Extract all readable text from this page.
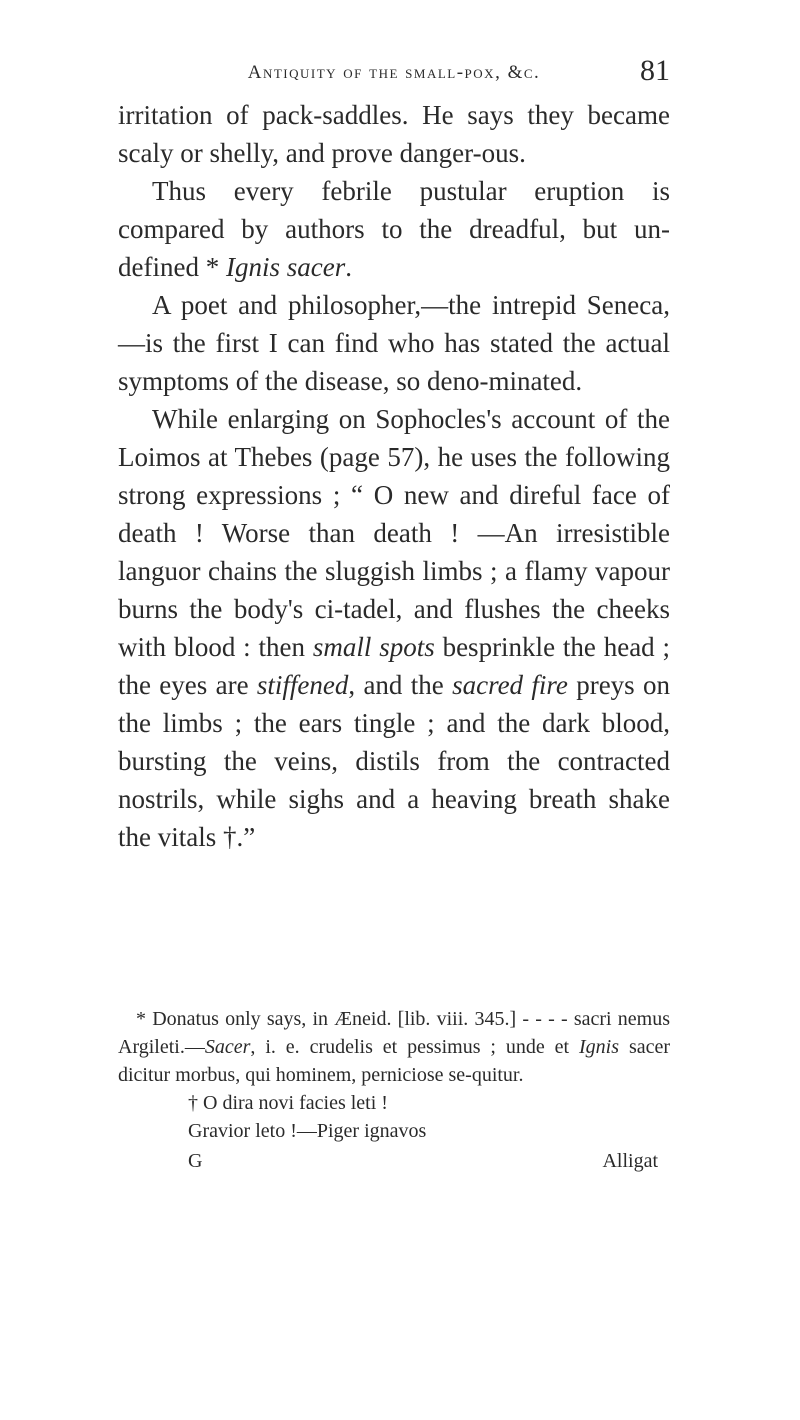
Antiquity of the small-pox, &c.	81

irritation of pack-saddles. He says they became scaly or shelly, and prove danger-ous.

Thus every febrile pustular eruption is compared by authors to the dreadful, but un-defined * Ignis sacer.

A poet and philosopher,—the intrepid Seneca,—is the first I can find who has stated the actual symptoms of the disease, so deno-minated.

While enlarging on Sophocles's account of the Loimos at Thebes (page 57), he uses the following strong expressions ; “ O new and direful face of death ! Worse than death ! —An irresistible languor chains the sluggish limbs ; a flamy vapour burns the body's ci-tadel, and flushes the cheeks with blood : then small spots besprinkle the head ; the eyes are stiffened, and the sacred fire preys on the limbs ; the ears tingle ; and the dark blood, bursting the veins, distils from the contracted nostrils, while sighs and a heaving breath shake the vitals †.”

* Donatus only says, in Æneid. [lib. viii. 345.] - - - - sacri nemus Argileti.—Sacer, i. e. crudelis et pessimus ; unde et Ignis sacer dicitur morbus, qui hominem, perniciose se-quitur.

† O dira novi facies leti !
Gravior leto !—Piger ignavos
G	Alligat
